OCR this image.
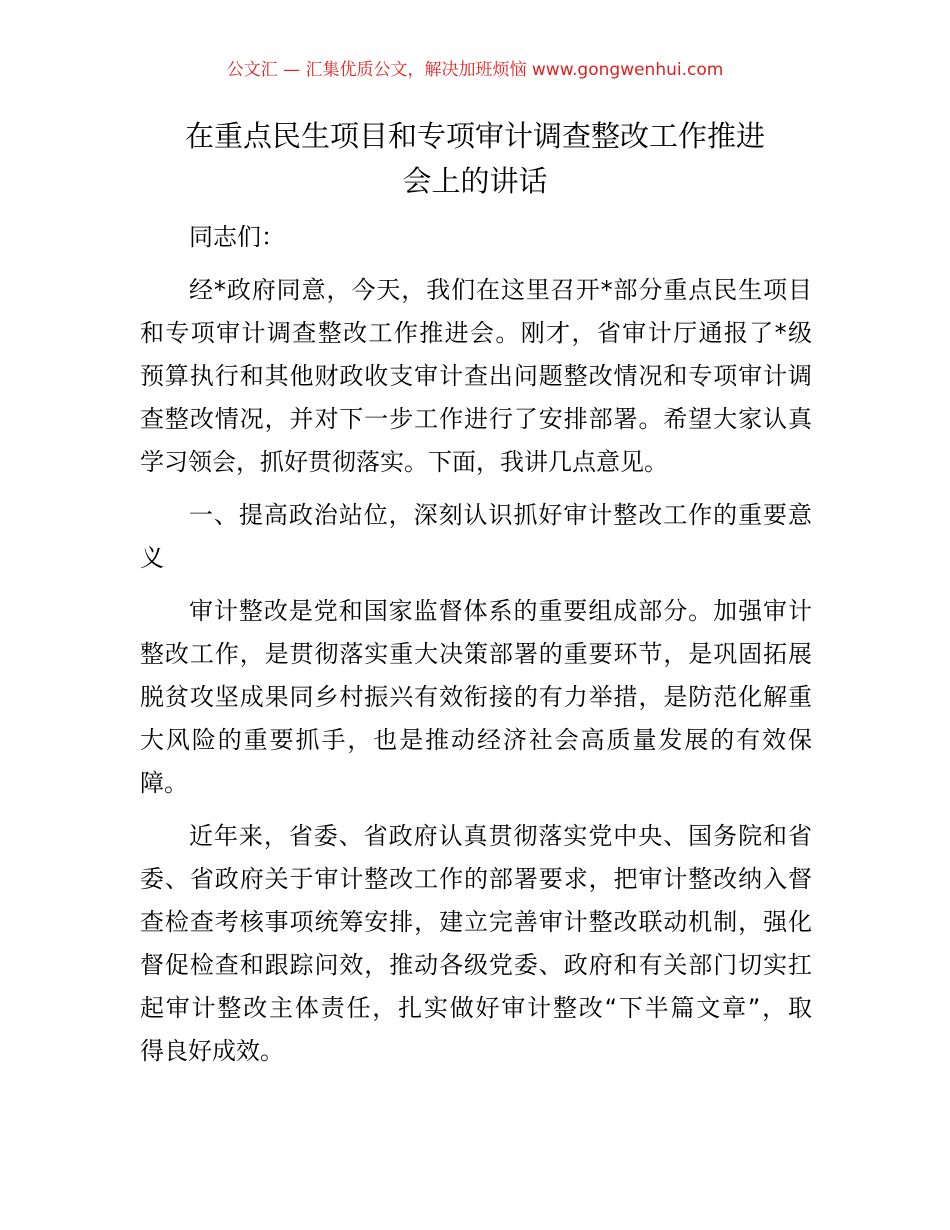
公文汇 — 汇集优质公文，解决加班烦恼 www.gongwenhui.com
在重点民生项目和专项审计调查整改工作推进
会上的讲话
同志们：
经*政府同意，今天，我们在这里召开*部分重点民生项目
和专项审计调查整改工作推进会。刚才，省审计厅通报了*级
预算执行和其他财政收支审计查出问题整改情况和专项审计调
查整改情况，并对下一步工作进行了安排部署。希望大家认真
学习领会，抓好贯彻落实。下面，我讲几点意见。
一、提高政治站位，深刻认识抓好审计整改工作的重要意
义
审计整改是党和国家监督体系的重要组成部分。加强审计
整改工作，是贯彻落实重大决策部署的重要环节，是巩固拓展
脱贫攻坚成果同乡村振兴有效衔接的有力举措，是防范化解重
大风险的重要抓手，也是推动经济社会高质量发展的有效保
障。
近年来，省委、省政府认真贯彻落实党中央、国务院和省
委、省政府关于审计整改工作的部署要求，把审计整改纳入督
查检查考核事项统筹安排，建立完善审计整改联动机制，强化
督促检查和跟踪问效，推动各级党委、政府和有关部门切实扛
起审计整改主体责任，扎实做好审计整改“下半篇文章”，取
得良好成效。
